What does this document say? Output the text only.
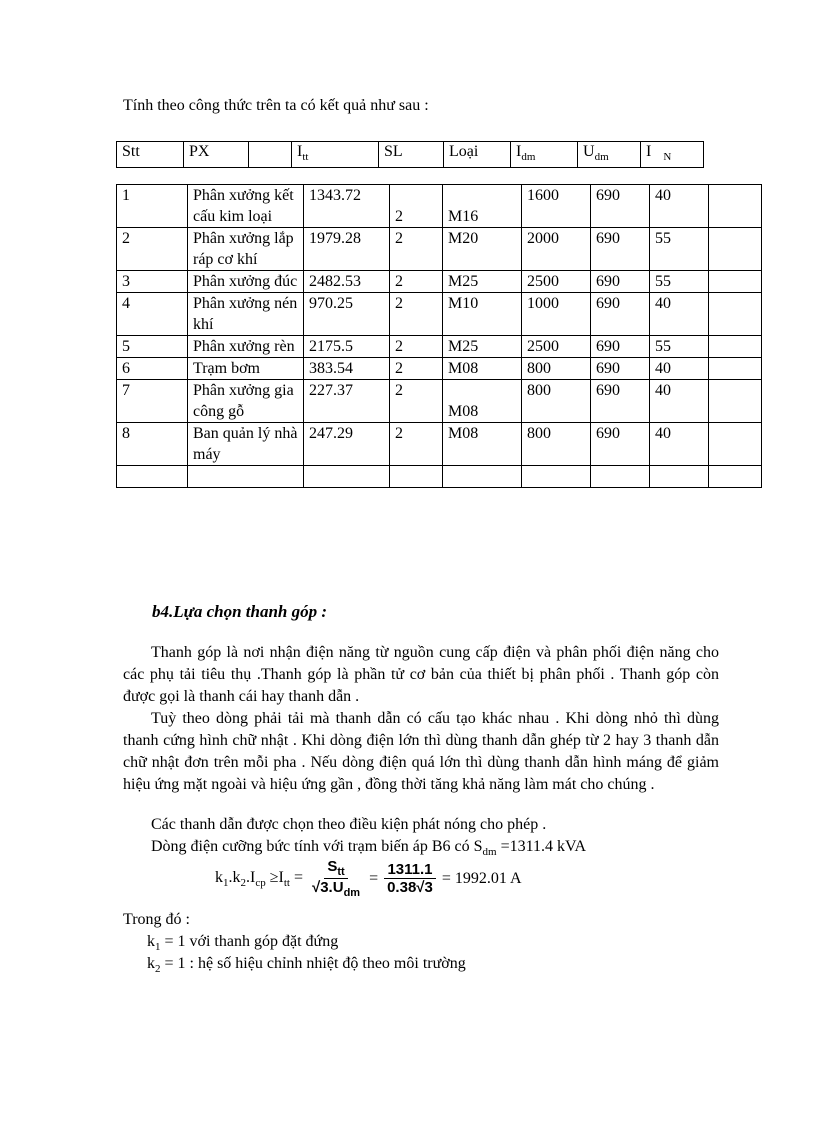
Tính theo công thức trên ta có kết quả như sau :
Stt	PX		$I_{tt}$	SL	Loại	$I_{dm}$	$U_{dm}$	I $_N$
1	Phân xưởng kết cấu kim loại	1343.72	2	M16	1600	690	40	
2	Phân xưởng lắp ráp cơ khí	1979.28	2	M20	2000	690	55	
3	Phân xưởng đúc	2482.53	2	M25	2500	690	55	
4	Phân xưởng nén khí	970.25	2	M10	1000	690	40	
5	Phân xưởng rèn	2175.5	2	M25	2500	690	55	
6	Trạm bơm	383.54	2	M08	800	690	40	
7	Phân xưởng gia công gỗ	227.37	2	M08	800	690	40	
8	Ban quản lý nhà máy	247.29	2	M08	800	690	40	

b4.Lựa chọn thanh góp :
Thanh góp là nơi nhận điện năng từ nguồn cung cấp điện và phân phối điện năng cho các phụ tải tiêu thụ .Thanh góp là phần tử cơ bản của thiết bị phân phối . Thanh góp còn được gọi là thanh cái hay thanh dẫn .
Tuỳ theo dòng phải tải mà thanh dẫn có cấu tạo khác nhau . Khi dòng nhỏ thì dùng thanh cứng hình chữ nhật . Khi dòng điện lớn thì dùng thanh dẫn ghép từ 2 hay 3 thanh dẫn chữ nhật đơn trên mỗi pha . Nếu dòng điện quá lớn thì dùng thanh dẫn hình máng để giảm hiệu ứng mặt ngoài và hiệu ứng gần , đồng thời tăng khả năng làm mát cho chúng .
Các thanh dẫn được chọn theo điều kiện phát nóng cho phép .
Dòng điện cưỡng bức tính với trạm biến áp B6 có $S_{dm} =1311.4$ kVA
$k_1.k_2.I_{cp} \ge I_{tt} = \frac{S_{tt}}{√3.U_{dm}} = \frac{1311.1}{0.38√3} = 1992.01$ A
Trong đó :
$k_1 = 1$ với thanh góp đặt đứng
$k_2 = 1$ : hệ số hiệu chỉnh nhiệt độ theo môi trường
